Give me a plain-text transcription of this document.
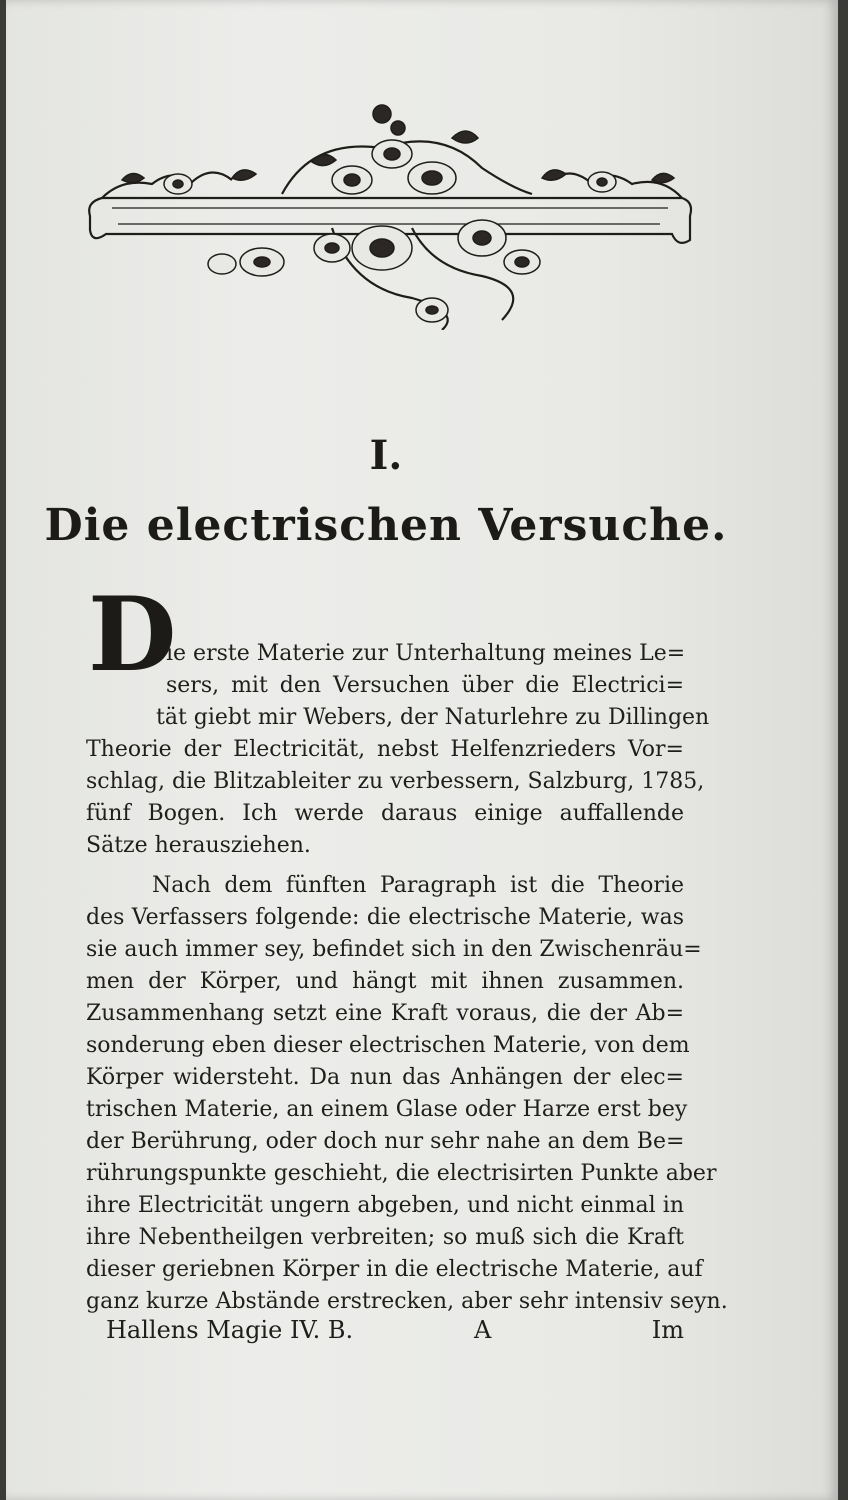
I.
Die electrischen Versuche.
D
ie erste Materie zur Unterhaltung meines Le=
sers, mit den Versuchen über die Electrici=
tät giebt mir Webers, der Naturlehre zu Dillingen
Theorie der Electricität, nebst Helfenzrieders Vor=
schlag, die Blitzableiter zu verbessern, Salzburg, 1785,
fünf Bogen. Ich werde daraus einige auffallende
Sätze herausziehen.
Nach dem fünften Paragraph ist die Theorie
des Verfassers folgende: die electrische Materie, was
sie auch immer sey, befindet sich in den Zwischenräu=
men der Körper, und hängt mit ihnen zusammen.
Zusammenhang setzt eine Kraft voraus, die der Ab=
sonderung eben dieser electrischen Materie, von dem
Körper widersteht. Da nun das Anhängen der elec=
trischen Materie, an einem Glase oder Harze erst bey
der Berührung, oder doch nur sehr nahe an dem Be=
rührungspunkte geschieht, die electrisirten Punkte aber
ihre Electricität ungern abgeben, und nicht einmal in
ihre Nebentheilgen verbreiten; so muß sich die Kraft
dieser geriebnen Körper in die electrische Materie, auf
ganz kurze Abstände erstrecken, aber sehr intensiv seyn.
Hallens Magie IV. B.	A	Im
